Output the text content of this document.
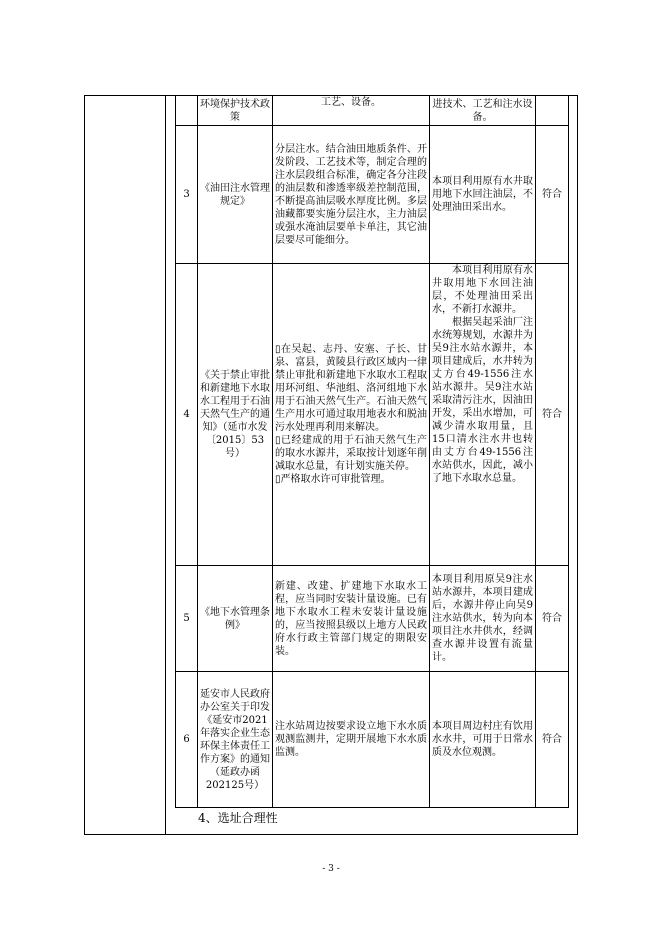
	环境保护技术政策	工艺、设备。	进技术、工艺和注水设备。	
3	《油田注水管理规定》	分层注水。结合油田地质条件、开发阶段、工艺技术等，制定合理的注水层段组合标准，确定各分注段的油层数和渗透率级差控制范围，不断提高油层吸水厚度比例。多层油藏都要实施分层注水，主力油层或强水淹油层要单卡单注，其它油层要尽可能细分。	本项目利用原有水井取用地下水回注油层，不处理油田采出水。	符合
4	《关于禁止审批和新建地下水取水工程用于石油天然气生产的通知》（延市水发〔2015〕53号）	▯在吴起、志丹、安塞、子长、甘泉、富县，黄陵县行政区域内一律禁止审批和新建地下水取水工程取用环河组、华池组、洛河组地下水用于石油天然气生产。石油天然气生产用水可通过取用地表水和脱油污水处理再利用来解决。
▯已经建成的用于石油天然气生产的取水水源井，采取按计划逐年削减取水总量，有计划实施关停。
▯严格取水许可审批管理。	本项目利用原有水井取用地下水回注油层，不处理油田采出水，不新打水源井。
根据吴起采油厂注水统筹规划，水源井为吴9注水站水源井，本项目建成后，水井转为丈方台49-1556注水站水源井。吴9注水站采取清污注水，因油田开发，采出水增加，可减少清水取用量，且15口清水注水井也转由丈方台49-1556注水站供水，因此，减小了地下水取水总量。	符合
5	《地下水管理条例》	新建、改建、扩建地下水取水工程，应当同时安装计量设施。已有地下水取水工程未安装计量设施的，应当按照县级以上地方人民政府水行政主管部门规定的期限安装。	本项目利用原吴9注水站水源井，本项目建成后，水源井停止向吴9注水站供水，转为向本项目注水井供水，经调查水源井设置有流量计。	符合
6	延安市人民政府办公室关于印发《延安市2021年落实企业生态环保主体责任工作方案》的通知（延政办函202125号）	注水站周边按要求设立地下水水质观测监测井，定期开展地下水水质监测。	本项目周边村庄有饮用水水井，可用于日常水质及水位观测。	符合
4、选址合理性
- 3 -
